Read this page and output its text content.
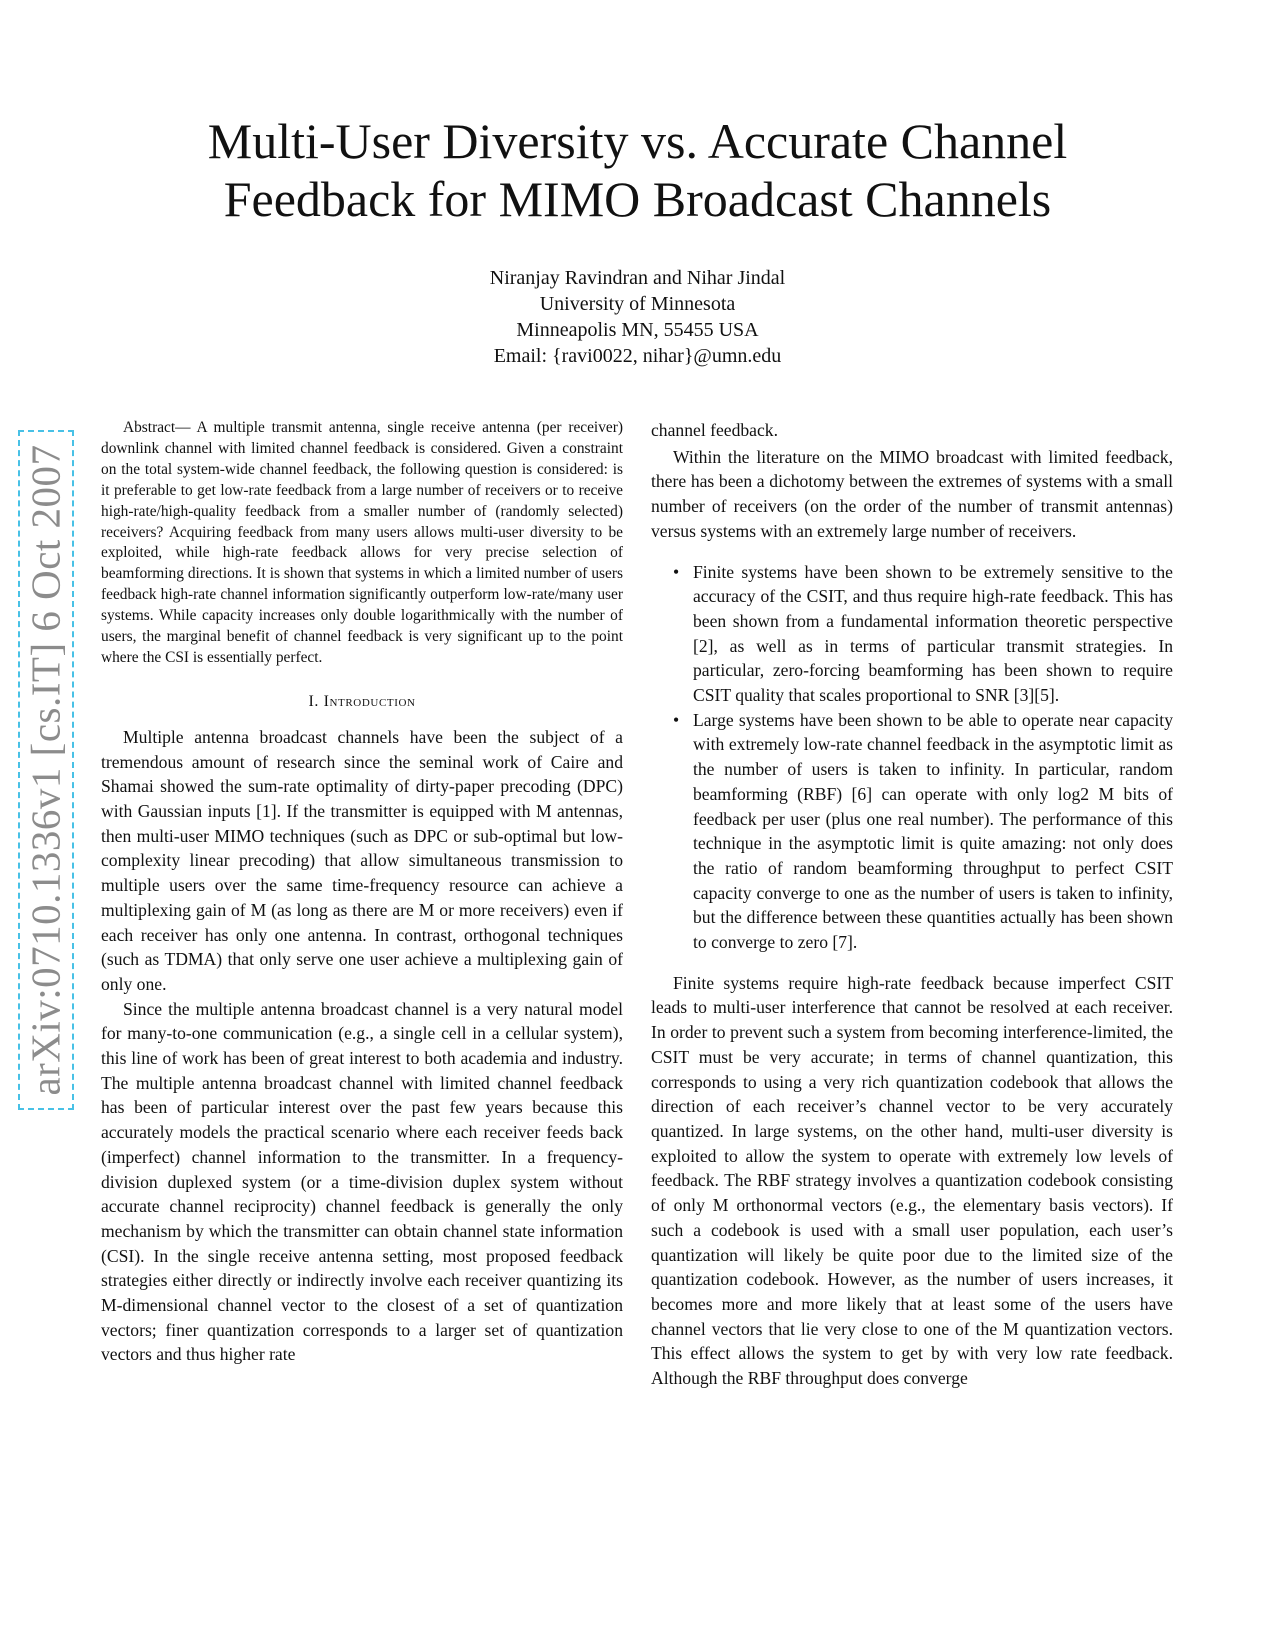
arXiv:0710.1336v1 [cs.IT] 6 Oct 2007
Multi-User Diversity vs. Accurate Channel
Feedback for MIMO Broadcast Channels
Niranjay Ravindran and Nihar Jindal
University of Minnesota
Minneapolis MN, 55455 USA
Email: {ravi0022, nihar}@umn.edu

Abstract— A multiple transmit antenna, single receive antenna (per receiver) downlink channel with limited channel feedback is considered. Given a constraint on the total system-wide channel feedback, the following question is considered: is it preferable to get low-rate feedback from a large number of receivers or to receive high-rate/high-quality feedback from a smaller number of (randomly selected) receivers? Acquiring feedback from many users allows multi-user diversity to be exploited, while high-rate feedback allows for very precise selection of beamforming directions. It is shown that systems in which a limited number of users feedback high-rate channel information significantly outperform low-rate/many user systems. While capacity increases only double logarithmically with the number of users, the marginal benefit of channel feedback is very significant up to the point where the CSI is essentially perfect.

I. Introduction

Multiple antenna broadcast channels have been the subject of a tremendous amount of research since the seminal work of Caire and Shamai showed the sum-rate optimality of dirty-paper precoding (DPC) with Gaussian inputs [1]. If the transmitter is equipped with M antennas, then multi-user MIMO techniques (such as DPC or sub-optimal but low-complexity linear precoding) that allow simultaneous transmission to multiple users over the same time-frequency resource can achieve a multiplexing gain of M (as long as there are M or more receivers) even if each receiver has only one antenna. In contrast, orthogonal techniques (such as TDMA) that only serve one user achieve a multiplexing gain of only one.

Since the multiple antenna broadcast channel is a very natural model for many-to-one communication (e.g., a single cell in a cellular system), this line of work has been of great interest to both academia and industry. The multiple antenna broadcast channel with limited channel feedback has been of particular interest over the past few years because this accurately models the practical scenario where each receiver feeds back (imperfect) channel information to the transmitter. In a frequency-division duplexed system (or a time-division duplex system without accurate channel reciprocity) channel feedback is generally the only mechanism by which the transmitter can obtain channel state information (CSI). In the single receive antenna setting, most proposed feedback strategies either directly or indirectly involve each receiver quantizing its M-dimensional channel vector to the closest of a set of quantization vectors; finer quantization corresponds to a larger set of quantization vectors and thus higher rate

channel feedback.

Within the literature on the MIMO broadcast with limited feedback, there has been a dichotomy between the extremes of systems with a small number of receivers (on the order of the number of transmit antennas) versus systems with an extremely large number of receivers.

• Finite systems have been shown to be extremely sensitive to the accuracy of the CSIT, and thus require high-rate feedback. This has been shown from a fundamental information theoretic perspective [2], as well as in terms of particular transmit strategies. In particular, zero-forcing beamforming has been shown to require CSIT quality that scales proportional to SNR [3][5].
• Large systems have been shown to be able to operate near capacity with extremely low-rate channel feedback in the asymptotic limit as the number of users is taken to infinity. In particular, random beamforming (RBF) [6] can operate with only log2 M bits of feedback per user (plus one real number). The performance of this technique in the asymptotic limit is quite amazing: not only does the ratio of random beamforming throughput to perfect CSIT capacity converge to one as the number of users is taken to infinity, but the difference between these quantities actually has been shown to converge to zero [7].

Finite systems require high-rate feedback because imperfect CSIT leads to multi-user interference that cannot be resolved at each receiver. In order to prevent such a system from becoming interference-limited, the CSIT must be very accurate; in terms of channel quantization, this corresponds to using a very rich quantization codebook that allows the direction of each receiver’s channel vector to be very accurately quantized. In large systems, on the other hand, multi-user diversity is exploited to allow the system to operate with extremely low levels of feedback. The RBF strategy involves a quantization codebook consisting of only M orthonormal vectors (e.g., the elementary basis vectors). If such a codebook is used with a small user population, each user’s quantization will likely be quite poor due to the limited size of the quantization codebook. However, as the number of users increases, it becomes more and more likely that at least some of the users have channel vectors that lie very close to one of the M quantization vectors. This effect allows the system to get by with very low rate feedback. Although the RBF throughput does converge
